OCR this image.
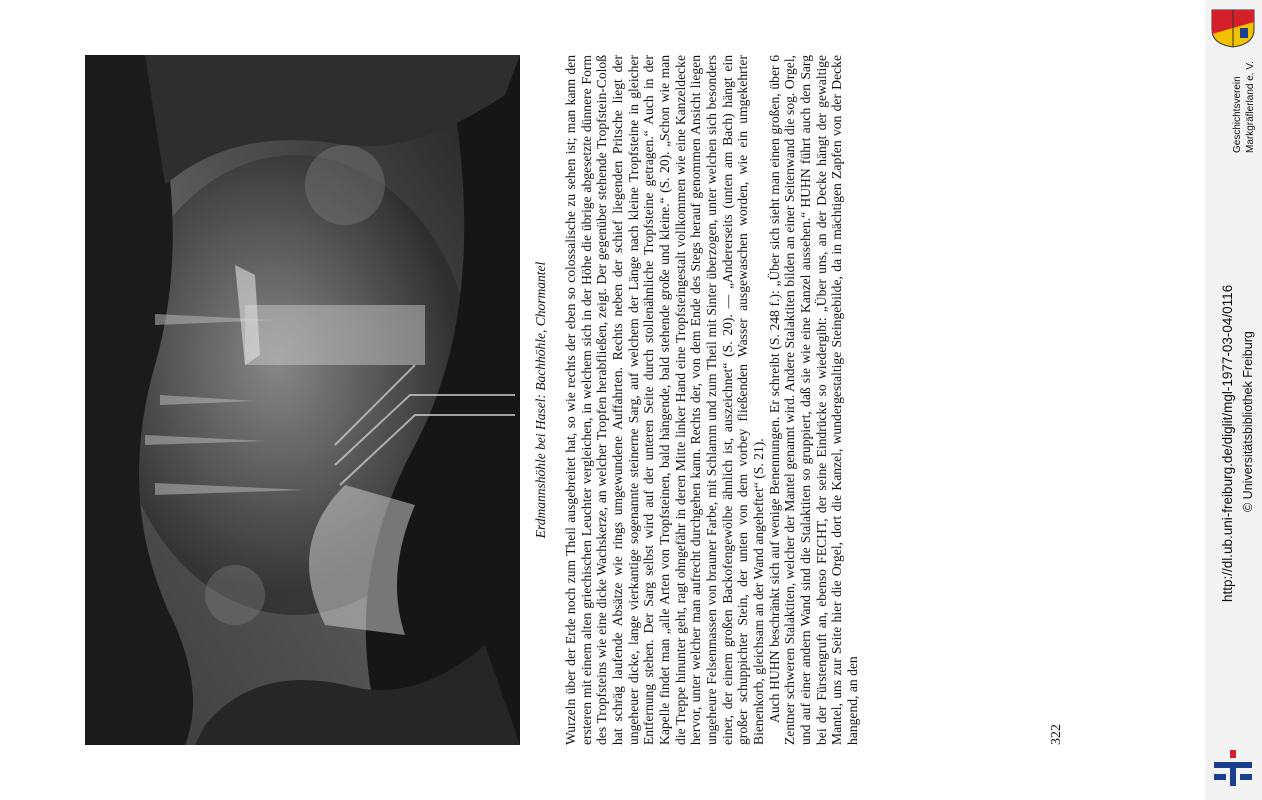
Erdmannshöhle bei Hasel: Bachhöhle, Chormantel Wurzeln über der Erde noch zum Theil ausgebreitet hat, so wie rechts der eben so colossalische zu sehen ist; man kann den ersteren mit einem alten griechischen Leuchter vergleichen, in welchem sich in der Höhe die übrige abgesetzte dünnere Form des Tropfsteins wie eine dicke Wachskerze, an welcher Tropfen herabfließen, zeigt. Der gegenüber stehende Tropfstein-Coloß hat schräg laufende Absätze wie rings umgewundene Auffahrten. Rechts neben der schief liegenden Pritsche liegt der ungeheuer dicke, lange vierkantige sogenannte steinerne Sarg, auf welchem der Länge nach kleine Tropfsteine in gleicher Entfernung stehen. Der Sarg selbst wird auf der unteren Seite durch stollenähnliche Tropfsteine getragen.“ Auch in der Kapelle findet man „alle Arten von Tropfsteinen, bald hängende, bald stehende große und kleine.“ (S. 20). „Schon wie man die Treppe hinunter geht, ragt ohngefähr in deren Mitte linker Hand eine Tropfsteingestalt vollkommen wie eine Kanzeldecke hervor, unter welcher man aufrecht durchgehen kann. Rechts der, von dem Ende des Stegs herauf genommen Ansicht liegen ungeheure Felsenmassen von brauner Farbe, mit Schlamm und zum Theil mit Sinter überzogen, unter welchen sich besonders einer, der einem großen Backofengewölbe ähnlich ist, auszeichnet“ (S. 20). — „Andererseits (unten am Bach) hängt ein großer schuppichter Stein, der unten von dem vorbey fließenden Wasser ausgewaschen worden, wie ein umgekehrter Bienenkorb, gleichsam an der Wand angeheftet“ (S. 21). Auch HUHN beschränkt sich auf wenige Benennungen. Er schreibt (S. 248 f.): „Über sich sieht man einen großen, über 6 Zentner schweren Stalaktiten, welcher der Mantel genannt wird. Andere Stalaktiten bilden an einer Seitenwand die sog. Orgel, und auf einer andern Wand sind die Stalaktiten so gruppiert, daß sie wie eine Kanzel aussehen.“ HUHN führt auch den Sarg bei der Fürstengruft an, ebenso FECHT, der seine Eindrücke so wiedergibt: „Über uns, an der Decke hängt der gewaltige Mantel, uns zur Seite hier die Orgel, dort die Kanzel, wundergestaltige Steingebilde, da in mächtigen Zapfen von der Decke hangend, an den	322
Geschichtsverein Markgräflerland e. V.
http://dl.ub.uni-freiburg.de/diglit/mgl-1977-03-04/0116 © Universitätsbibliothek Freiburg
